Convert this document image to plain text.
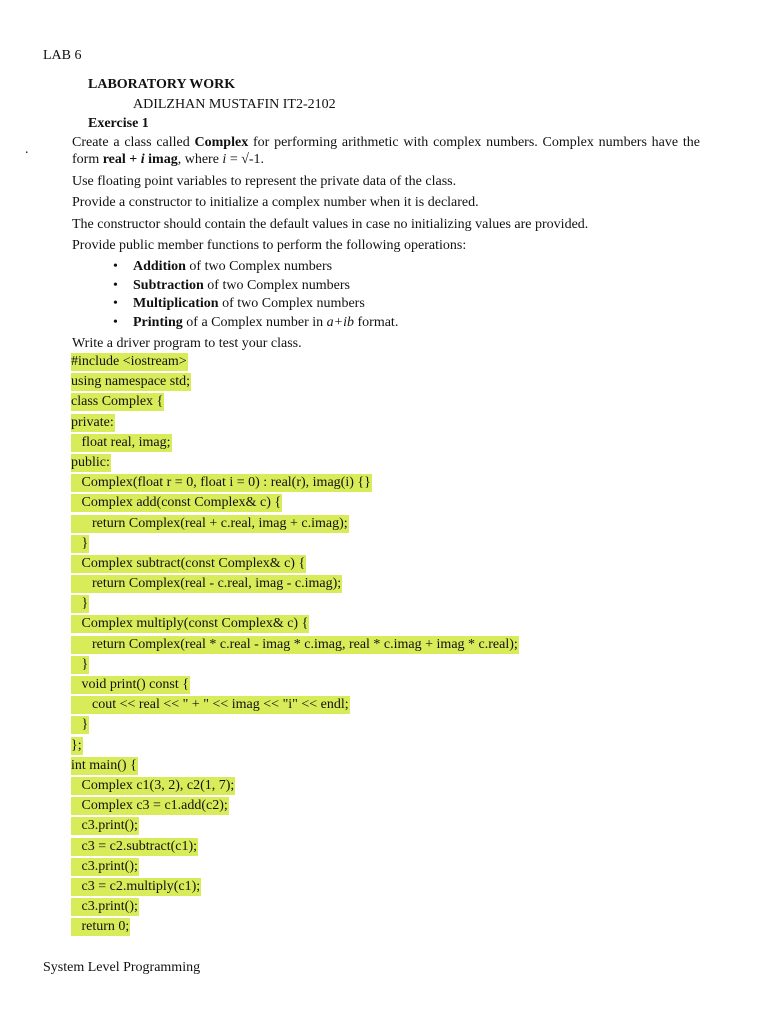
LAB 6
LABORATORY WORK
ADILZHAN MUSTAFIN IT2-2102
Exercise 1
.	Create a class called Complex for performing arithmetic with complex numbers. Complex numbers have the form real + i imag, where i = √-1.
Use floating point variables to represent the private data of the class.
Provide a constructor to initialize a complex number when it is declared.
The constructor should contain the default values in case no initializing values are provided.
Provide public member functions to perform the following operations:
• Addition of two Complex numbers
• Subtraction of two Complex numbers
• Multiplication of two Complex numbers
• Printing of a Complex number in a+ib format.
Write a driver program to test your class.
#include <iostream>
using namespace std;
class Complex {
private:
float real, imag;
public:
Complex(float r = 0, float i = 0) : real(r), imag(i) {}
Complex add(const Complex& c) {
return Complex(real + c.real, imag + c.imag);
}
Complex subtract(const Complex& c) {
return Complex(real - c.real, imag - c.imag);
}
Complex multiply(const Complex& c) {
return Complex(real * c.real - imag * c.imag, real * c.imag + imag * c.real);
}
void print() const {
cout << real << " + " << imag << "i" << endl;
}
};
int main() {
Complex c1(3, 2), c2(1, 7);
Complex c3 = c1.add(c2);
c3.print();
c3 = c2.subtract(c1);
c3.print();
c3 = c2.multiply(c1);
c3.print();
return 0;
System Level Programming
